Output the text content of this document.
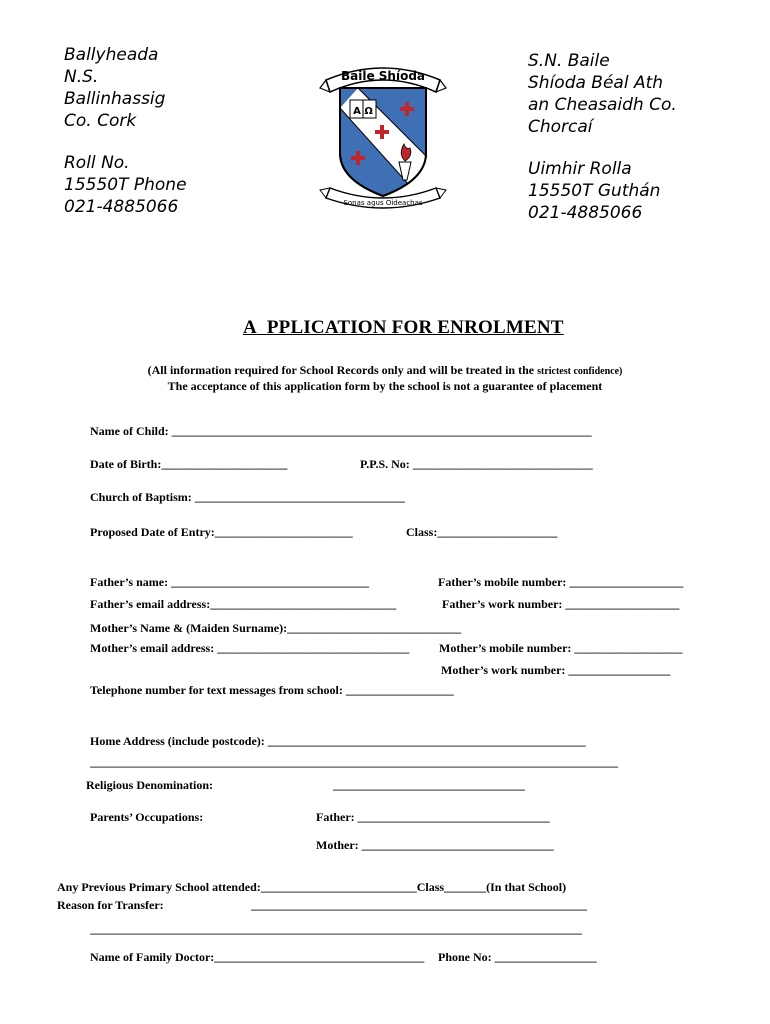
Ballyheada
N.S.
Ballinhassig
Co. Cork
Roll No.
15550T Phone
021-4885066
S.N. Baile
Shíoda Béal Ath
an Cheasaidh Co.
Chorcaí
Uimhir Rolla
15550T Guthán
021-4885066
Baile Shíoda
A Ω
Sonas agus Oideachas
A PPLICATION FOR ENROLMENT
(All information required for School Records only and will be treated in the strictest confidence)
The acceptance of this application form by the school is not a guarantee of placement
Name of Child: ______________________________________________________________________
Date of Birth:_____________________	P.P.S. No: ______________________________
Church of Baptism: ___________________________________
Proposed Date of Entry:_______________________	Class:____________________
Father’s name: _________________________________	Father’s mobile number: ___________________
Father’s email address:_______________________________	Father’s work number: ___________________
Mother’s Name & (Maiden Surname):_____________________________
Mother’s email address: ________________________________ Mother’s mobile number: __________________
Mother’s work number: _________________
Telephone number for text messages from school: __________________
Home Address (include postcode): _____________________________________________________
________________________________________________________________________________________
Religious Denomination:	________________________________
Parents’ Occupations:	Father: ________________________________
Mother: ________________________________
Any Previous Primary School attended:__________________________Class_______(In that School)
Reason for Transfer:	________________________________________________________
__________________________________________________________________________________
Name of Family Doctor:___________________________________ Phone No: _________________
